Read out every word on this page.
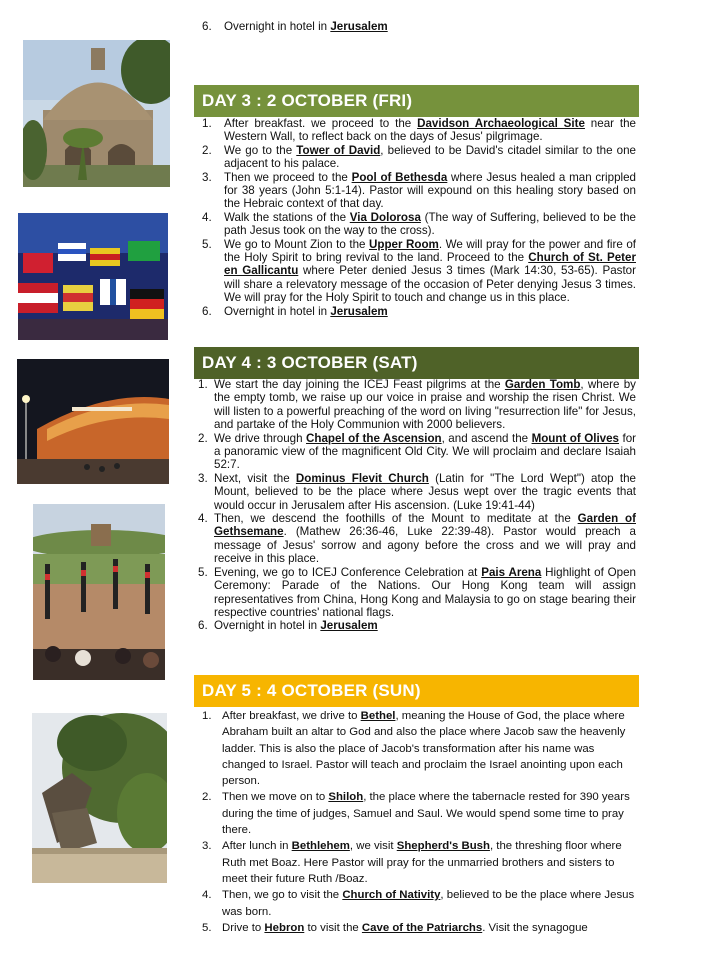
6. Overnight in hotel in Jerusalem
DAY 3 : 2 OCTOBER (FRI)
1. After breakfast. we proceed to the Davidson Archaeological Site near the Western Wall, to reflect back on the days of Jesus' pilgrimage.
2. We go to the Tower of David, believed to be David's citadel similar to the one adjacent to his palace.
3. Then we proceed to the Pool of Bethesda where Jesus healed a man crippled for 38 years (John 5:1-14). Pastor will expound on this healing story based on the Hebraic context of that day.
4. Walk the stations of the Via Dolorosa (The way of Suffering, believed to be the path Jesus took on the way to the cross).
5. We go to Mount Zion to the Upper Room. We will pray for the power and fire of the Holy Spirit to bring revival to the land. Proceed to the Church of St. Peter en Gallicantu where Peter denied Jesus 3 times (Mark 14:30, 53-65). Pastor will share a relevatory message of the occasion of Peter denying Jesus 3 times. We will pray for the Holy Spirit to touch and change us in this place.
6. Overnight in hotel in Jerusalem
DAY 4 : 3 OCTOBER (SAT)
1. We start the day joining the ICEJ Feast pilgrims at the Garden Tomb, where by the empty tomb, we raise up our voice in praise and worship the risen Christ. We will listen to a powerful preaching of the word on living "resurrection life" for Jesus, and partake of the Holy Communion with 2000 believers.
2. We drive through Chapel of the Ascension, and ascend the Mount of Olives for a panoramic view of the magnificent Old City. We will proclaim and declare Isaiah 52:7.
3. Next, visit the Dominus Flevit Church (Latin for "The Lord Wept") atop the Mount, believed to be the place where Jesus wept over the tragic events that would occur in Jerusalem after His ascension. (Luke 19:41-44)
4. Then, we descend the foothills of the Mount to meditate at the Garden of Gethsemane. (Mathew 26:36-46, Luke 22:39-48). Pastor would preach a message of Jesus' sorrow and agony before the cross and we will pray and receive in this place.
5. Evening, we go to ICEJ Conference Celebration at Pais Arena Highlight of Open Ceremony: Parade of the Nations. Our Hong Kong team will assign representatives from China, Hong Kong and Malaysia to go on stage bearing their respective countries' national flags.
6. Overnight in hotel in Jerusalem
DAY 5 : 4 OCTOBER (SUN)
1. After breakfast, we drive to Bethel, meaning the House of God, the place where Abraham built an altar to God and also the place where Jacob saw the heavenly ladder. This is also the place of Jacob's transformation after his name was changed to Israel. Pastor will teach and proclaim the Israel anointing upon each person.
2. Then we move on to Shiloh, the place where the tabernacle rested for 390 years during the time of judges, Samuel and Saul. We would spend some time to pray there.
3. After lunch in Bethlehem, we visit Shepherd's Bush, the threshing floor where Ruth met Boaz. Here Pastor will pray for the unmarried brothers and sisters to meet their future Ruth /Boaz.
4. Then, we go to visit the Church of Nativity, believed to be the place where Jesus was born.
5. Drive to Hebron to visit the Cave of the Patriarchs. Visit the synagogue
